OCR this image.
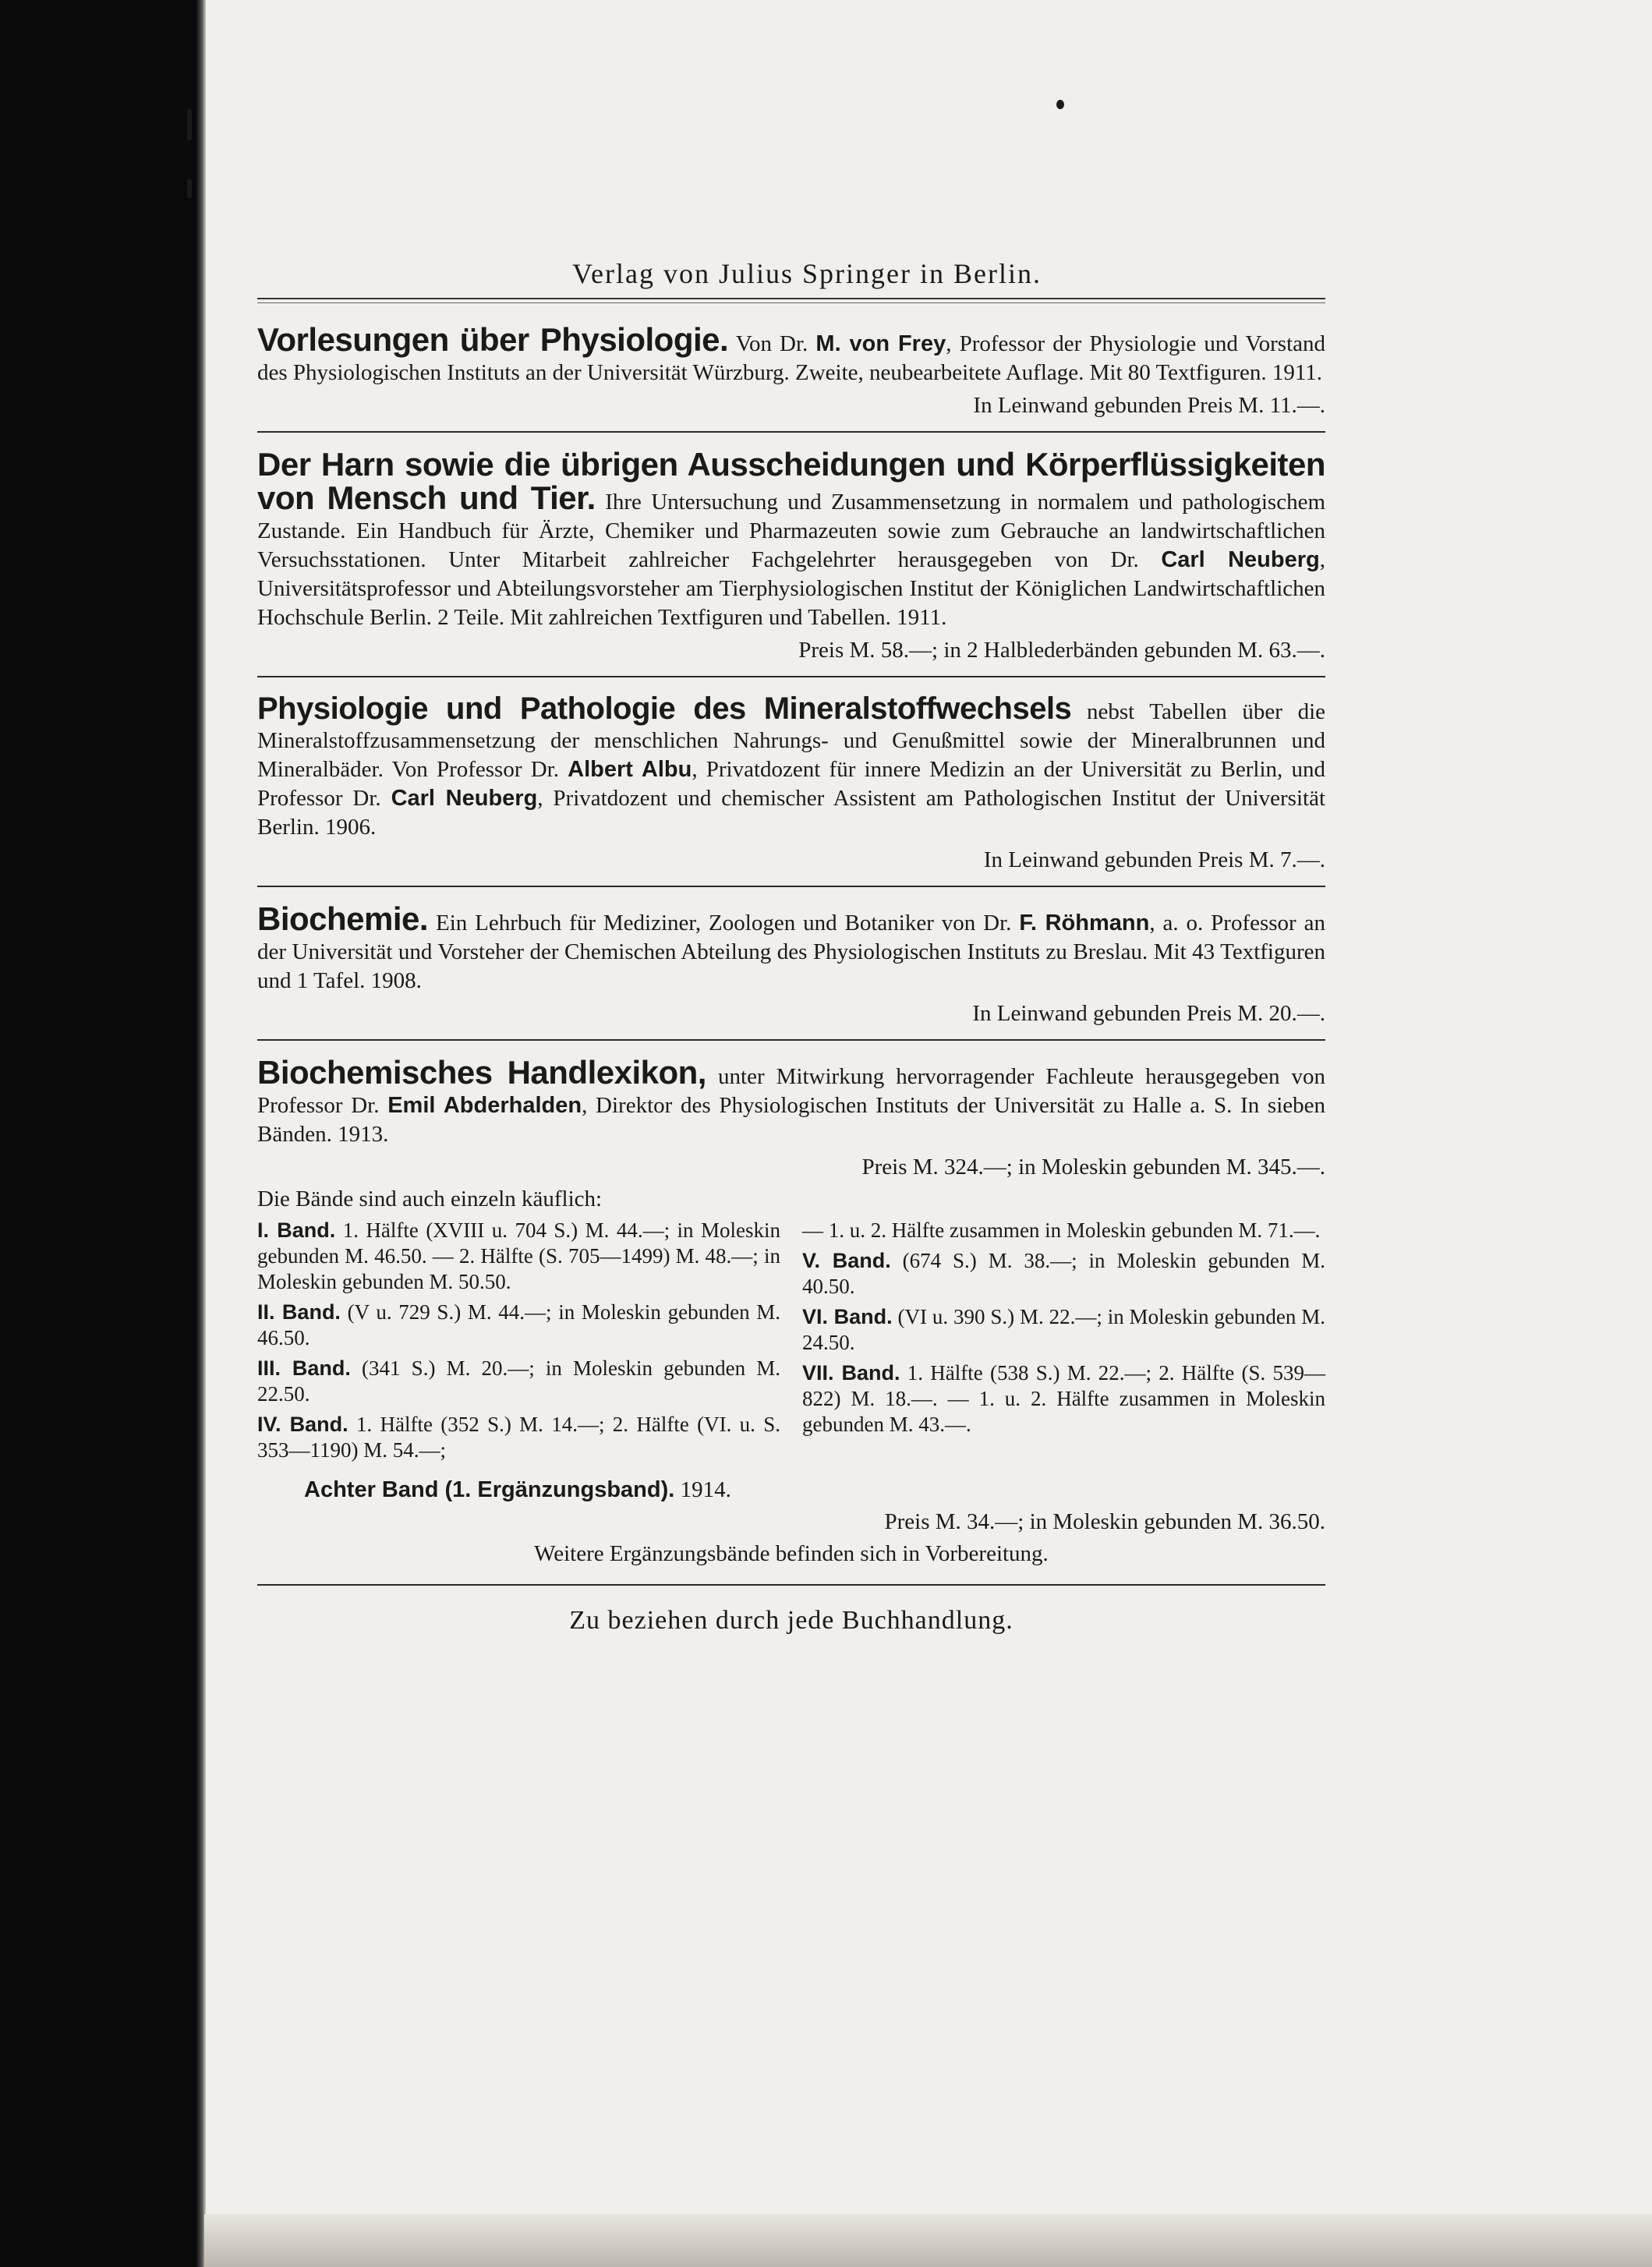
Verlag von Julius Springer in Berlin.
Vorlesungen über Physiologie. Von Dr. M. von Frey, Professor der Physiologie und Vorstand des Physiologischen Instituts an der Universität Würzburg. Zweite, neubearbeitete Auflage. Mit 80 Textfiguren. 1911.
In Leinwand gebunden Preis M. 11.—.
Der Harn sowie die übrigen Ausscheidungen und Körperflüssigkeiten von Mensch und Tier. Ihre Untersuchung und Zusammensetzung in normalem und pathologischem Zustande. Ein Handbuch für Ärzte, Chemiker und Pharmazeuten sowie zum Gebrauche an landwirtschaftlichen Versuchsstationen. Unter Mitarbeit zahlreicher Fachgelehrter herausgegeben von Dr. Carl Neuberg, Universitätsprofessor und Abteilungsvorsteher am Tierphysiologischen Institut der Königlichen Landwirtschaftlichen Hochschule Berlin. 2 Teile. Mit zahlreichen Textfiguren und Tabellen. 1911.
Preis M. 58.—; in 2 Halblederbänden gebunden M. 63.—.
Physiologie und Pathologie des Mineralstoffwechsels nebst Tabellen über die Mineralstoffzusammensetzung der menschlichen Nahrungs- und Genußmittel sowie der Mineralbrunnen und Mineralbäder. Von Professor Dr. Albert Albu, Privatdozent für innere Medizin an der Universität zu Berlin, und Professor Dr. Carl Neuberg, Privatdozent und chemischer Assistent am Pathologischen Institut der Universität Berlin. 1906.
In Leinwand gebunden Preis M. 7.—.
Biochemie. Ein Lehrbuch für Mediziner, Zoologen und Botaniker von Dr. F. Röhmann, a. o. Professor an der Universität und Vorsteher der Chemischen Abteilung des Physiologischen Instituts zu Breslau. Mit 43 Textfiguren und 1 Tafel. 1908.
In Leinwand gebunden Preis M. 20.—.
Biochemisches Handlexikon, unter Mitwirkung hervorragender Fachleute herausgegeben von Professor Dr. Emil Abderhalden, Direktor des Physiologischen Instituts der Universität zu Halle a. S. In sieben Bänden. 1913.
Preis M. 324.—; in Moleskin gebunden M. 345.—.
Die Bände sind auch einzeln käuflich:

I. Band. 1. Hälfte (XVIII u. 704 S.) M. 44.—; in Moleskin gebunden M. 46.50. — 2. Hälfte (S. 705—1499) M. 48.—; in Moleskin gebunden M. 50.50.

II. Band. (V u. 729 S.) M. 44.—; in Moleskin gebunden M. 46.50.

III. Band. (341 S.) M. 20.—; in Moleskin gebunden M. 22.50.

IV. Band. 1. Hälfte (352 S.) M. 14.—; 2. Hälfte (VI. u. S. 353—1190) M. 54.—;

— 1. u. 2. Hälfte zusammen in Moleskin gebunden M. 71.—.

V. Band. (674 S.) M. 38.—; in Moleskin gebunden M. 40.50.

VI. Band. (VI u. 390 S.) M. 22.—; in Moleskin gebunden M. 24.50.

VII. Band. 1. Hälfte (538 S.) M. 22.—; 2. Hälfte (S. 539—822) M. 18.—. — 1. u. 2. Hälfte zusammen in Moleskin gebunden M. 43.—.

Achter Band (1. Ergänzungsband). 1914.
Preis M. 34.—; in Moleskin gebunden M. 36.50.
Weitere Ergänzungsbände befinden sich in Vorbereitung.
Zu beziehen durch jede Buchhandlung.
